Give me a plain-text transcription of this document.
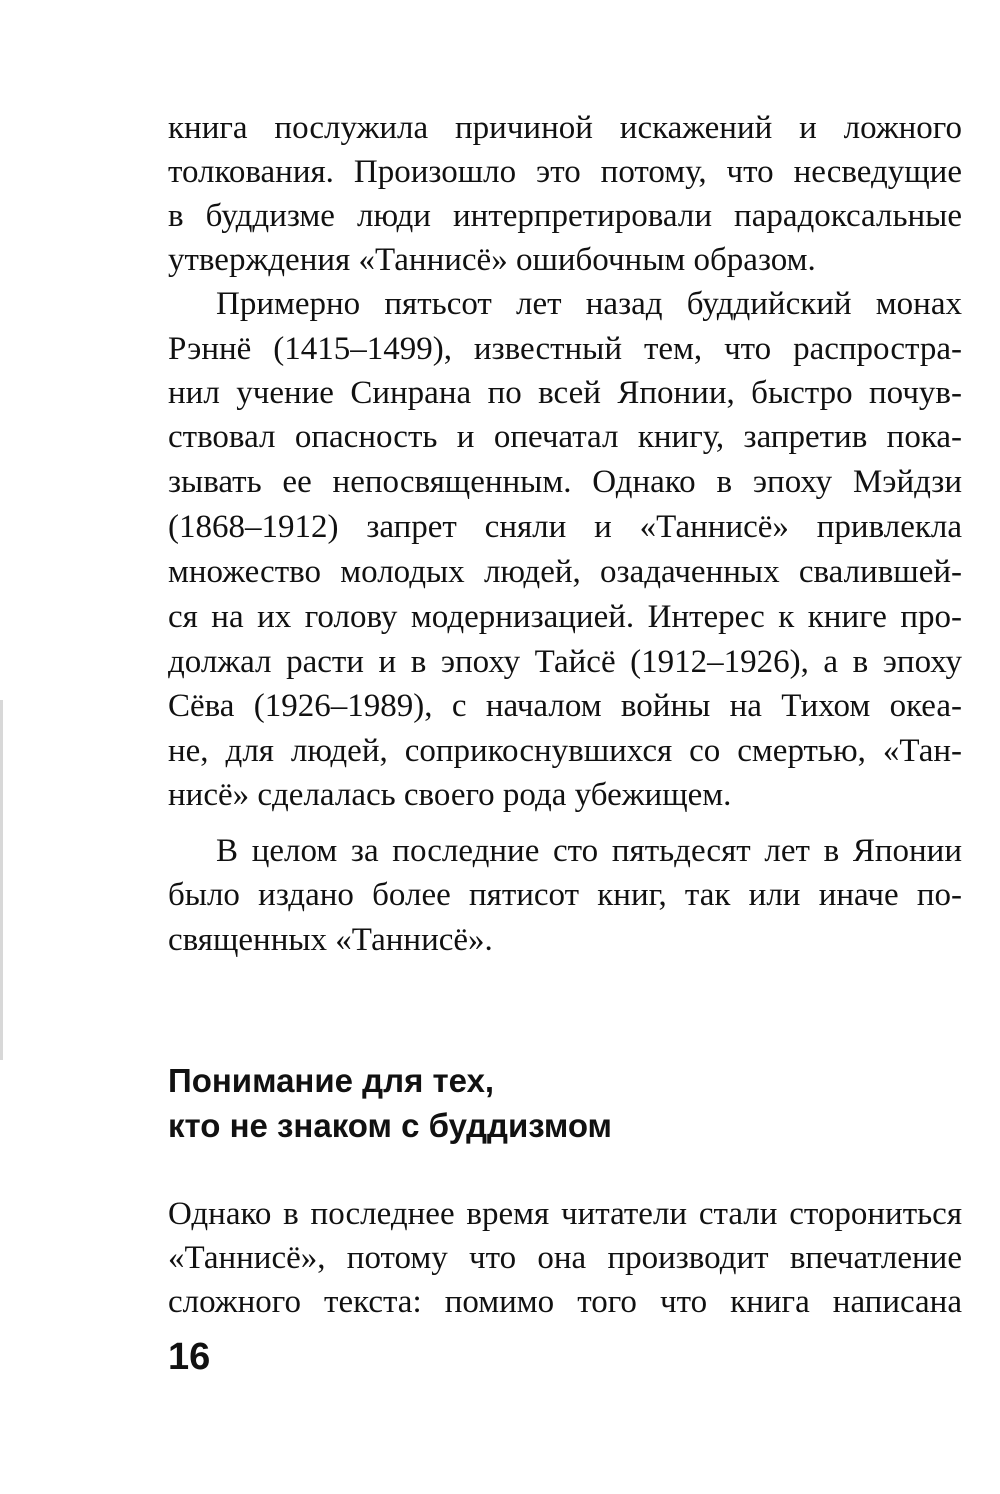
книга послужила причиной искажений и ложного
толкования. Произошло это потому, что несведущие
в буддизме люди интерпретировали парадоксальные
утверждения «Таннисё» ошибочным образом.
Примерно пятьсот лет назад буддийский монах
Рэннё (1415–1499), известный тем, что распростра-
нил учение Синрана по всей Японии, быстро почув-
ствовал опасность и опечатал книгу, запретив пока-
зывать ее непосвященным. Однако в эпоху Мэйдзи
(1868–1912) запрет сняли и «Таннисё» привлекла
множество молодых людей, озадаченных свалившей-
ся на их голову модернизацией. Интерес к книге про-
должал расти и в эпоху Тайсё (1912–1926), а в эпоху
Сёва (1926–1989), с началом войны на Тихом океа-
не, для людей, соприкоснувшихся со смертью, «Тан-
нисё» сделалась своего рода убежищем.
В целом за последние сто пятьдесят лет в Японии
было издано более пятисот книг, так или иначе по-
священных «Таннисё».
Понимание для тех,
кто не знаком с буддизмом
Однако в последнее время читатели стали сторониться
«Таннисё», потому что она производит впечатление
сложного текста: помимо того что книга написана
16
